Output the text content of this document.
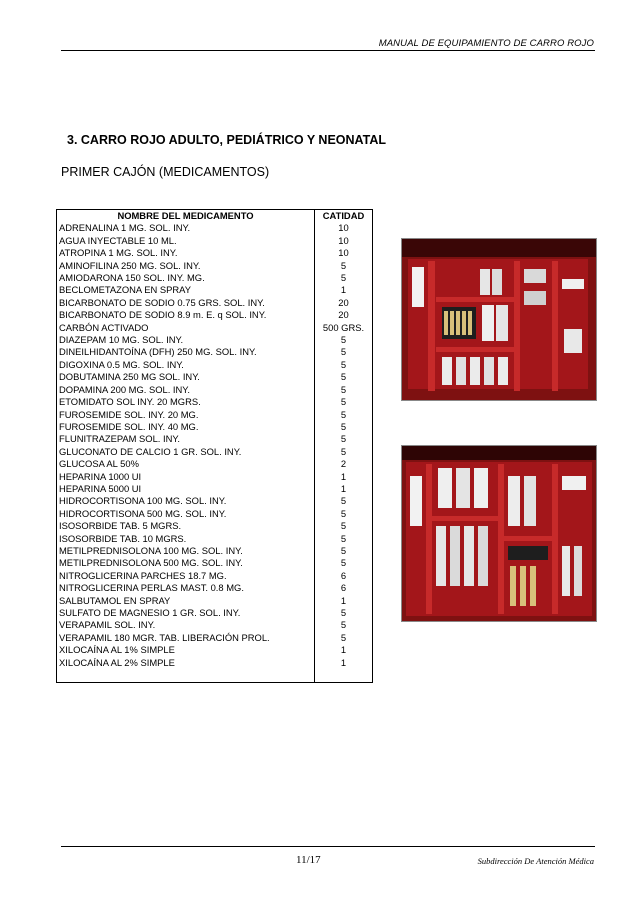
MANUAL DE EQUIPAMIENTO DE CARRO ROJO
3. CARRO ROJO ADULTO, PEDIÁTRICO Y NEONATAL
PRIMER CAJÓN (MEDICAMENTOS)
NOMBRE DEL MEDICAMENTO	CATIDAD
ADRENALINA 1 MG. SOL. INY.	10
AGUA INYECTABLE 10 ML.	10
ATROPINA 1 MG. SOL. INY.	10
AMINOFILINA 250 MG. SOL. INY.	5
AMIODARONA 150 SOL. INY. MG.	5
BECLOMETAZONA EN SPRAY	1
BICARBONATO DE SODIO 0.75 GRS. SOL. INY.	20
BICARBONATO DE SODIO 8.9 m. E. q SOL. INY.	20
CARBÓN ACTIVADO	500 GRS.
DIAZEPAM 10 MG. SOL. INY.	5
DINEILHIDANTOÍNA (DFH) 250 MG. SOL. INY.	5
DIGOXINA 0.5 MG. SOL. INY.	5
DOBUTAMINA 250 MG SOL. INY.	5
DOPAMINA 200 MG. SOL. INY.	5
ETOMIDATO SOL INY. 20 MGRS.	5
FUROSEMIDE SOL. INY. 20 MG.	5
FUROSEMIDE SOL. INY. 40 MG.	5
FLUNITRAZEPAM SOL. INY.	5
GLUCONATO DE CALCIO 1 GR. SOL. INY.	5
GLUCOSA AL 50%	2
HEPARINA 1000 UI	1
HEPARINA 5000 UI	1
HIDROCORTISONA 100 MG. SOL. INY.	5
HIDROCORTISONA 500 MG. SOL. INY.	5
ISOSORBIDE TAB. 5 MGRS.	5
ISOSORBIDE TAB. 10 MGRS.	5
METILPREDNISOLONA 100 MG. SOL. INY.	5
METILPREDNISOLONA 500 MG. SOL. INY.	5
NITROGLICERINA PARCHES 18.7 MG.	6
NITROGLICERINA PERLAS MAST. 0.8 MG.	6
SALBUTAMOL EN SPRAY	1
SULFATO DE MAGNESIO 1 GR. SOL. INY.	5
VERAPAMIL SOL. INY.	5
VERAPAMIL 180 MGR. TAB. LIBERACIÓN PROL.	5
XILOCAÍNA AL 1% SIMPLE	1
XILOCAÍNA AL 2% SIMPLE	1

11/17	Subdirección De Atención Médica
